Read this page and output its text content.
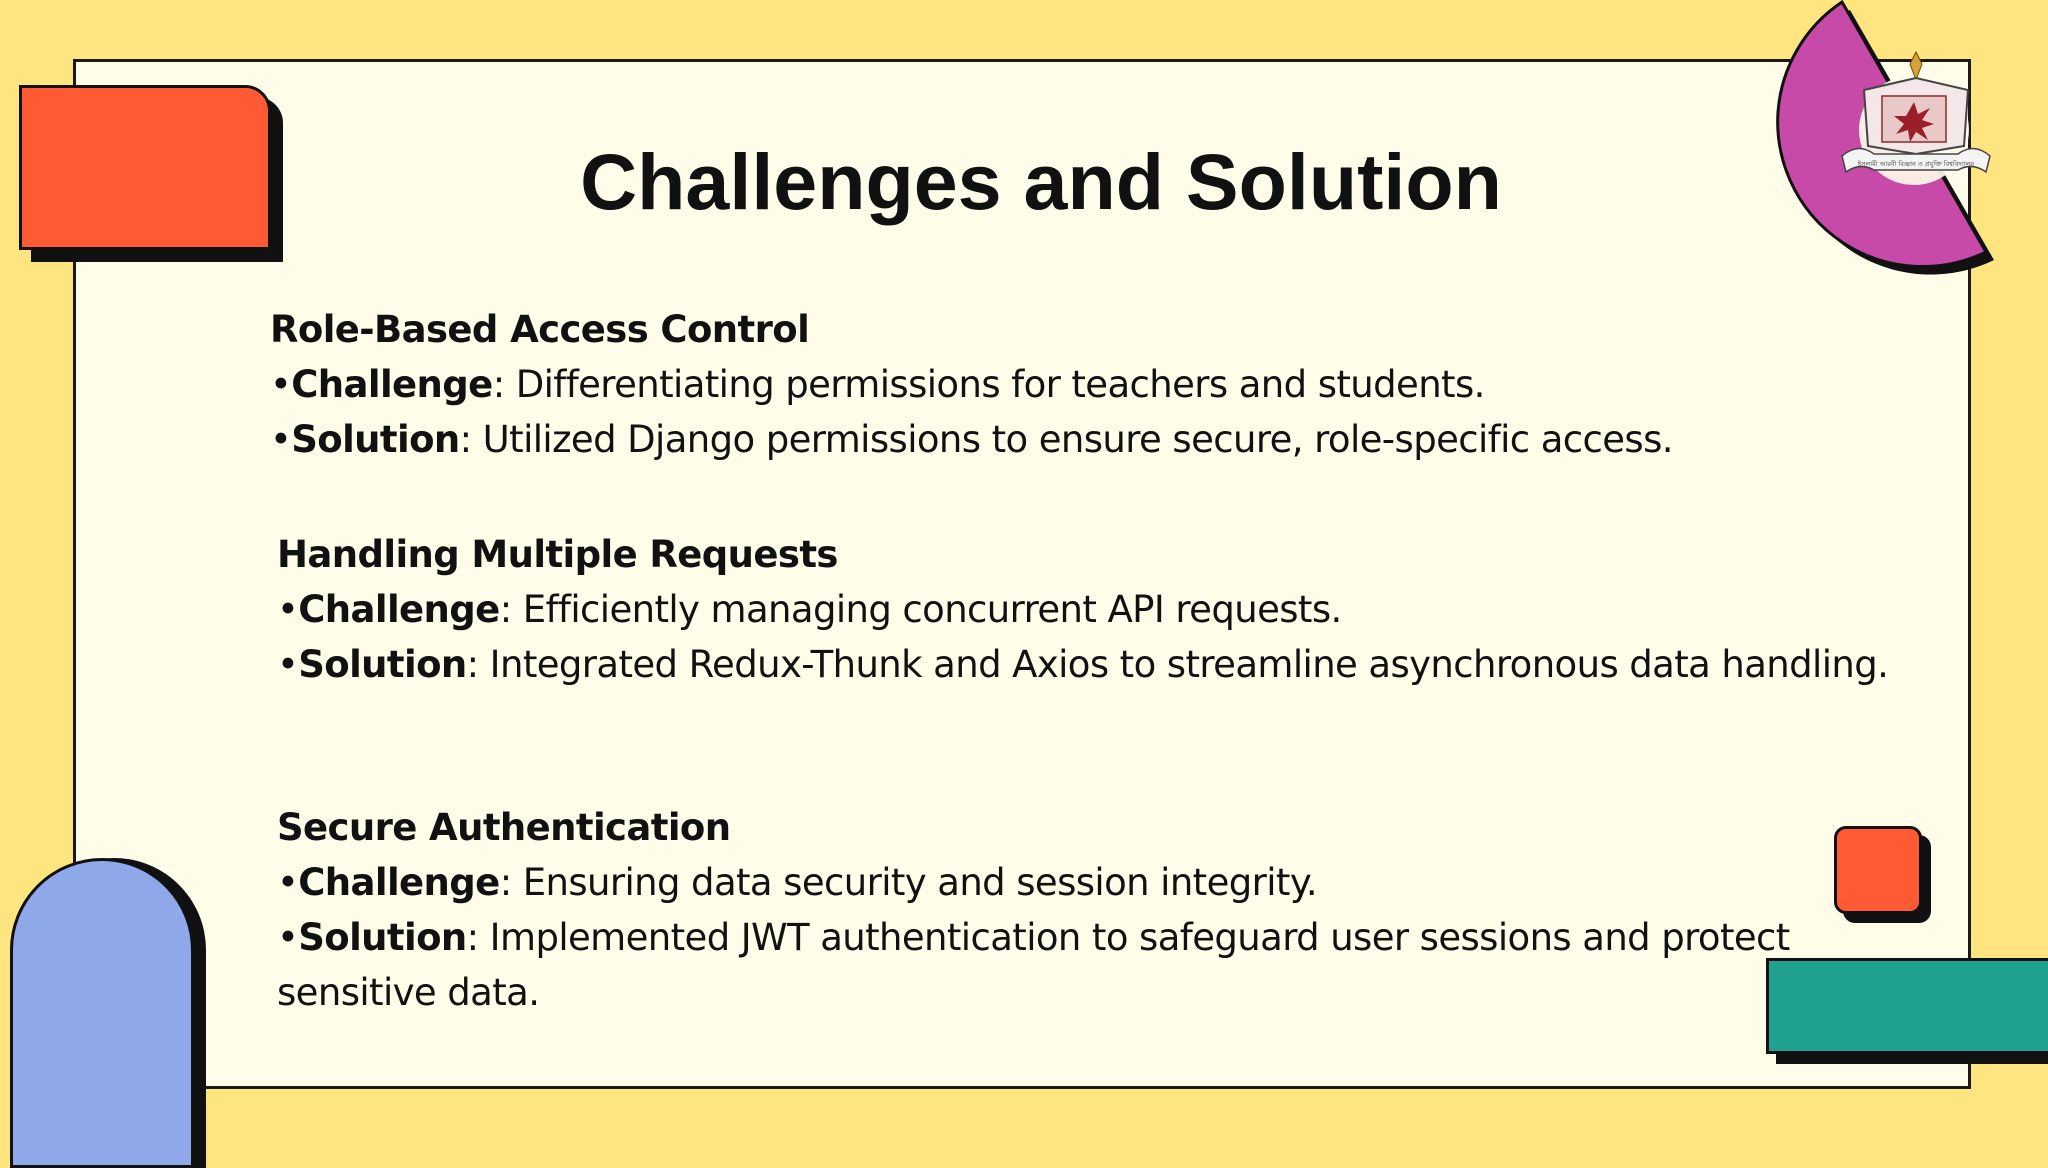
ইসলামী আরবী বিজ্ঞান ও প্রযুক্তি বিশ্ববিদ্যালয়
Challenges and Solution
Role-Based Access Control
•Challenge: Differentiating permissions for teachers and students.
•Solution: Utilized Django permissions to ensure secure, role-specific access.
Handling Multiple Requests
•Challenge: Efficiently managing concurrent API requests.
•Solution: Integrated Redux-Thunk and Axios to streamline asynchronous data handling.
Secure Authentication
•Challenge: Ensuring data security and session integrity.
•Solution: Implemented JWT authentication to safeguard user sessions and protect sensitive data.
